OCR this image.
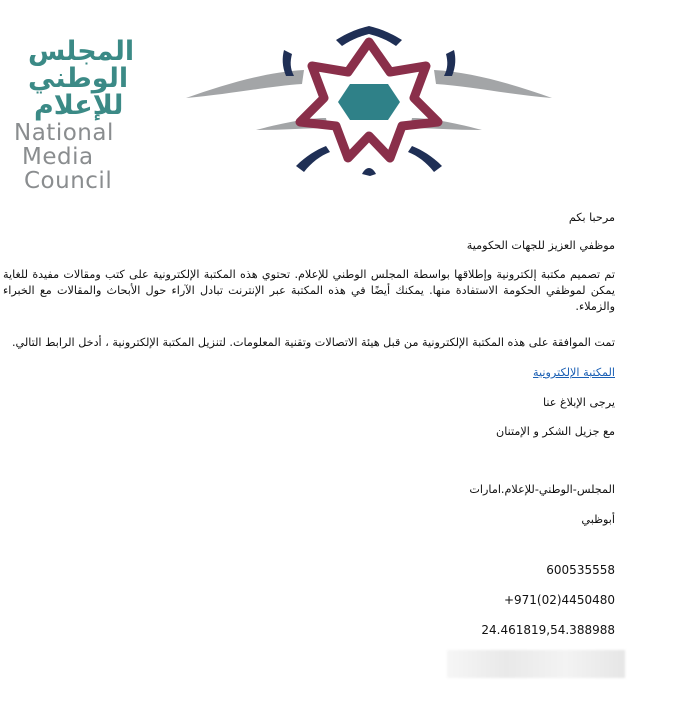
المجلس
الوطني
للإعلام
National
Media
Council
مرحبا بكم
موظفي العزيز للجهات الحكومية
تم تصميم مكتبة إلكترونية وإطلاقها بواسطة المجلس الوطني للإعلام. تحتوي هذه المكتبة الإلكترونية على كتب ومقالات مفيدة للغاية يمكن لموظفي الحكومة الاستفادة منها. يمكنك أيضًا في هذه المكتبة عبر الإنترنت تبادل الآراء حول الأبحاث والمقالات مع الخبراء والزملاء.
تمت الموافقة على هذه المكتبة الإلكترونية من قبل هيئة الاتصالات وتقنية المعلومات. لتنزيل المكتبة الإلكترونية ، أدخل الرابط التالي.
المكتبة الإلكترونية
يرجى الإبلاغ عنا
مع جزيل الشكر و الإمتنان
المجلس-الوطني-للإعلام.امارات
أبوظبي
600535558
+971(02)4450480
24.461819,54.388988
